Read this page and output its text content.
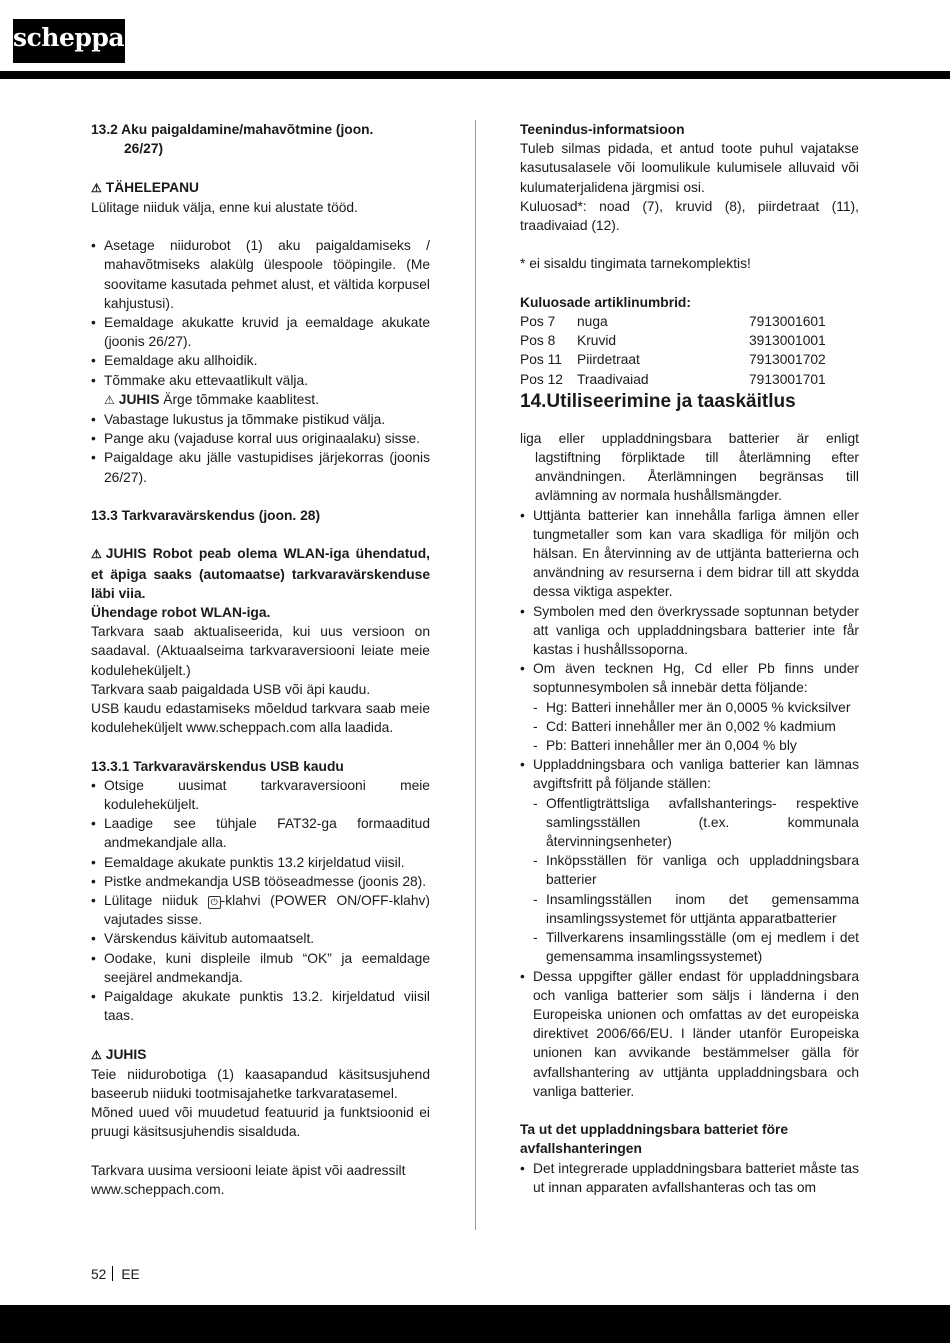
scheppach

13.2 Aku paigaldamine/mahavõtmine (joon.
26/27)

⚠ TÄHELEPANU

Lülitage niiduk välja, enne kui alustate tööd.

• Asetage niidurobot (1) aku paigaldamiseks / mahavõtmiseks alakülg ülespoole tööpingile. (Me soovitame kasutada pehmet alust, et vältida korpusel kahjustusi).
• Eemaldage akukatte kruvid ja eemaldage akukate (joonis 26/27).
• Eemaldage aku allhoidik.
• Tõmmake aku ettevaatlikult välja.

⚠ JUHIS Ärge tõmmake kaablitest.

• Vabastage lukustus ja tõmmake pistikud välja.
• Pange aku (vajaduse korral uus originaalaku) sisse.
• Paigaldage aku jälle vastupidises järjekorras (joonis 26/27).

13.3 Tarkvaravärskendus (joon. 28)

⚠ JUHIS Robot peab olema WLAN-iga ühendatud, et äpiga saaks (automaatse) tarkvaravärskenduse läbi viia.

Ühendage robot WLAN-iga.

Tarkvara saab aktualiseerida, kui uus versioon on saadaval. (Aktuaalseima tarkvaraversiooni leiate meie koduleheküljelt.)

Tarkvara saab paigaldada USB või äpi kaudu.

USB kaudu edastamiseks mõeldud tarkvara saab meie koduleheküljelt www.scheppach.com alla laadida.

13.3.1 Tarkvaravärskendus USB kaudu

• Otsige uusimat tarkvaraversiooni meie koduleheküljelt.
• Laadige see tühjale FAT32-ga formaaditud andmekandjale alla.
• Eemaldage akukate punktis 13.2 kirjeldatud viisil.
• Pistke andmekandja USB tööseadmesse (joonis 28).
• Lülitage niiduk ⏻ -klahvi (POWER ON/OFF-klahv) vajutades sisse.
• Värskendus käivitub automaatselt.
• Oodake, kuni displeile ilmub “OK” ja eemaldage seejärel andmekandja.
• Paigaldage akukate punktis 13.2. kirjeldatud viisil taas.

⚠ JUHIS

Teie niidurobotiga (1) kaasapandud käsitsusjuhend baseerub niiduki tootmisajahetke tarkvaratasemel.

Mõned uued või muudetud featuurid ja funktsioonid ei pruugi käsitsusjuhendis sisalduda.

Tarkvara uusima versiooni leiate äpist või aadressilt www.scheppach.com.

Teenindus-informatsioon

Tuleb silmas pidada, et antud toote puhul vajatakse kasutusalasele või loomulikule kulumisele alluvaid või kulumaterjalidena järgmisi osi.

Kuluosad*: noad (7), kruvid (8), piirdetraat (11), traadivaiad (12).

* ei sisaldu tingimata tarnekomplektis!

Kuluosade artiklinumbrid:

Pos 7	nuga	7913001601
Pos 8	Kruvid	3913001001
Pos 11	Piirdetraat	7913001702
Pos 12	Traadivaiad	7913001701

14.Utiliseerimine ja taaskäitlus

liga eller uppladdningsbara batterier är enligt

lagstiftning förpliktade till återlämning efter användningen. Återlämningen begränsas till avlämning av normala hushållsmängder.

• Uttjänta batterier kan innehålla farliga ämnen eller tungmetaller som kan vara skadliga för miljön och hälsan. En återvinning av de uttjänta batterierna och användning av resurserna i dem bidrar till att skydda dessa viktiga aspekter.
• Symbolen med den överkryssade soptunnan betyder att vanliga och uppladdningsbara batterier inte får kastas i hushållssoporna.
• Om även tecknen Hg, Cd eller Pb finns under soptunnesymbolen så innebär detta följande:
- Hg: Batteri innehåller mer än 0,0005 % kvicksilver
- Cd: Batteri innehåller mer än 0,002 % kadmium
- Pb: Batteri innehåller mer än 0,004 % bly
• Uppladdningsbara och vanliga batterier kan lämnas avgiftsfritt på följande ställen:
- Offentligträttsliga avfallshanterings- respektive samlingsställen (t.ex. kommunala återvinningsenheter)
- Inköpsställen för vanliga och uppladdningsbara batterier
- Insamlingsställen inom det gemensamma insamlingssystemet för uttjänta apparatbatterier
- Tillverkarens insamlingsställe (om ej medlem i det gemensamma insamlingssystemet)
• Dessa uppgifter gäller endast för uppladdningsbara och vanliga batterier som säljs i länderna i den Europeiska unionen och omfattas av det europeiska direktivet 2006/66/EU. I länder utanför Europeiska unionen kan avvikande bestämmelser gälla för avfallshantering av uttjänta uppladdningsbara och vanliga batterier.

Ta ut det uppladdningsbara batteriet före avfallshanteringen

• Det integrerade uppladdningsbara batteriet måste tas ut innan apparaten avfallshanteras och tas om
52 EE
